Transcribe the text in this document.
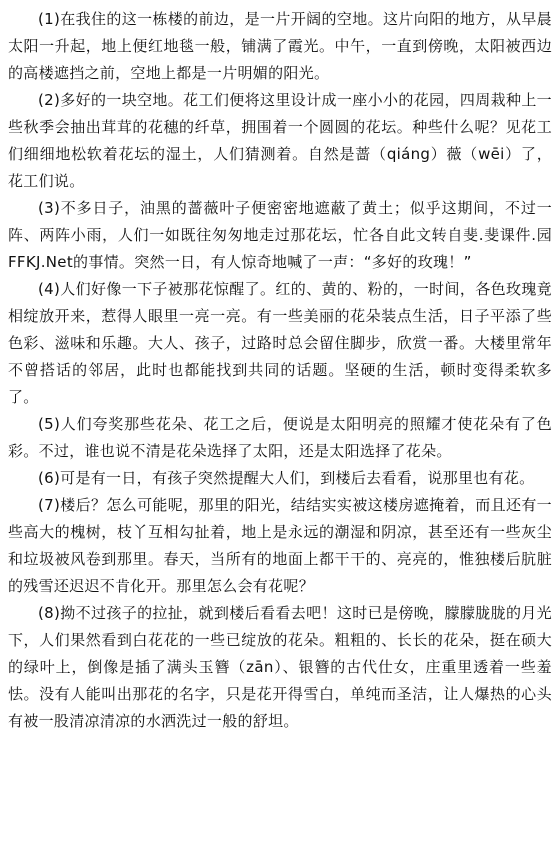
(1)在我住的这一栋楼的前边，是一片开阔的空地。这片向阳的地方，从早晨太阳一升起，地上便红地毯一般，铺满了霞光。中午，一直到傍晚，太阳被西边的高楼遮挡之前，空地上都是一片明媚的阳光。

(2)多好的一块空地。花工们便将这里设计成一座小小的花园，四周栽种上一些秋季会抽出茸茸的花穗的纤草，拥围着一个圆圆的花坛。种些什么呢？见花工们细细地松软着花坛的湿土，人们猜测着。自然是蔷（qiáng）薇（wēi）了，花工们说。

(3)不多日子，油黑的蔷薇叶子便密密地遮蔽了黄土；似乎这期间，不过一阵、两阵小雨，人们一如既往匆匆地走过那花坛，忙各自此文转自斐.斐课件.园 FFKJ.Net的事情。突然一日，有人惊奇地喊了一声：“多好的玫瑰！”

(4)人们好像一下子被那花惊醒了。红的、黄的、粉的，一时间，各色玫瑰竟相绽放开来，惹得人眼里一亮一亮。有一些美丽的花朵装点生活，日子平添了些色彩、滋味和乐趣。大人、孩子，过路时总会留住脚步，欣赏一番。大楼里常年不曾搭话的邻居，此时也都能找到共同的话题。坚硬的生活，顿时变得柔软多了。

(5)人们夸奖那些花朵、花工之后，便说是太阳明亮的照耀才使花朵有了色彩。不过，谁也说不清是花朵选择了太阳，还是太阳选择了花朵。

(6)可是有一日，有孩子突然提醒大人们，到楼后去看看，说那里也有花。

(7)楼后？怎么可能呢，那里的阳光，结结实实被这楼房遮掩着，而且还有一些高大的槐树，枝丫互相勾扯着，地上是永远的潮湿和阴凉，甚至还有一些灰尘和垃圾被风卷到那里。春天，当所有的地面上都干干的、亮亮的，惟独楼后肮脏的残雪还迟迟不肯化开。那里怎么会有花呢？

(8)拗不过孩子的拉扯，就到楼后看看去吧！这时已是傍晚，朦朦胧胧的月光下，人们果然看到白花花的一些已绽放的花朵。粗粗的、长长的花朵，挺在硕大的绿叶上，倒像是插了满头玉簪（zān）、银簪的古代仕女，庄重里透着一些羞怯。没有人能叫出那花的名字，只是花开得雪白，单纯而圣洁，让人爆热的心头有被一股清凉清凉的水洒洗过一般的舒坦。
